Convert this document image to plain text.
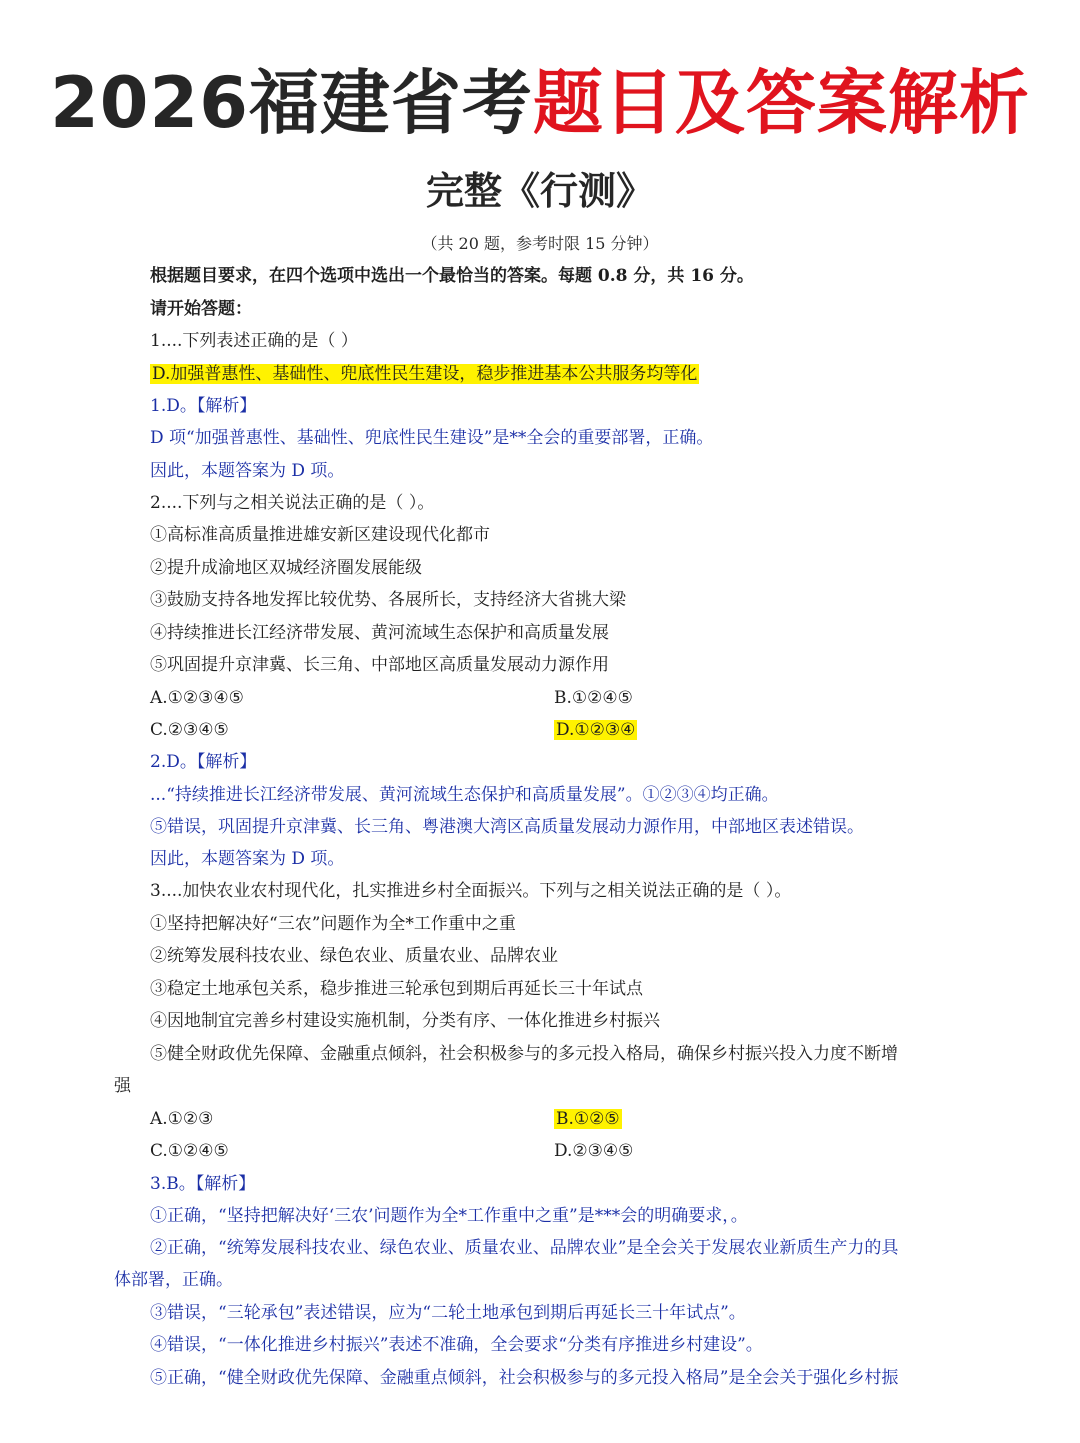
2026福建省考题目及答案解析
完整《行测》
（共 20 题，参考时限 15 分钟）
根据题目要求，在四个选项中选出一个最恰当的答案。每题 0.8 分，共 16 分。
请开始答题：
1....下列表述正确的是（ ）
D.加强普惠性、基础性、兜底性民生建设，稳步推进基本公共服务均等化
1.D。【解析】
D 项“加强普惠性、基础性、兜底性民生建设”是**全会的重要部署，正确。
因此，本题答案为 D 项。
2....下列与之相关说法正确的是（ ）。
①高标准高质量推进雄安新区建设现代化都市
②提升成渝地区双城经济圈发展能级
③鼓励支持各地发挥比较优势、各展所长，支持经济大省挑大梁
④持续推进长江经济带发展、黄河流域生态保护和高质量发展
⑤巩固提升京津冀、长三角、中部地区高质量发展动力源作用
A.①②③④⑤	B.①②④⑤
C.②③④⑤	D.①②③④
2.D。【解析】
...“持续推进长江经济带发展、黄河流域生态保护和高质量发展”。①②③④均正确。
⑤错误，巩固提升京津冀、长三角、粤港澳大湾区高质量发展动力源作用，中部地区表述错误。
因此，本题答案为 D 项。
3....加快农业农村现代化，扎实推进乡村全面振兴。下列与之相关说法正确的是（ ）。
①坚持把解决好“三农”问题作为全*工作重中之重
②统筹发展科技农业、绿色农业、质量农业、品牌农业
③稳定土地承包关系，稳步推进三轮承包到期后再延长三十年试点
④因地制宜完善乡村建设实施机制，分类有序、一体化推进乡村振兴
⑤健全财政优先保障、金融重点倾斜，社会积极参与的多元投入格局，确保乡村振兴投入力度不断增
强
A.①②③	B.①②⑤
C.①②④⑤	D.②③④⑤
3.B。【解析】
①正确，“坚持把解决好‘三农’问题作为全*工作重中之重”是***会的明确要求，。
②正确，“统筹发展科技农业、绿色农业、质量农业、品牌农业”是全会关于发展农业新质生产力的具
体部署，正确。
③错误，“三轮承包”表述错误，应为“二轮土地承包到期后再延长三十年试点”。
④错误，“一体化推进乡村振兴”表述不准确，全会要求“分类有序推进乡村建设”。
⑤正确，“健全财政优先保障、金融重点倾斜，社会积极参与的多元投入格局”是全会关于强化乡村振
